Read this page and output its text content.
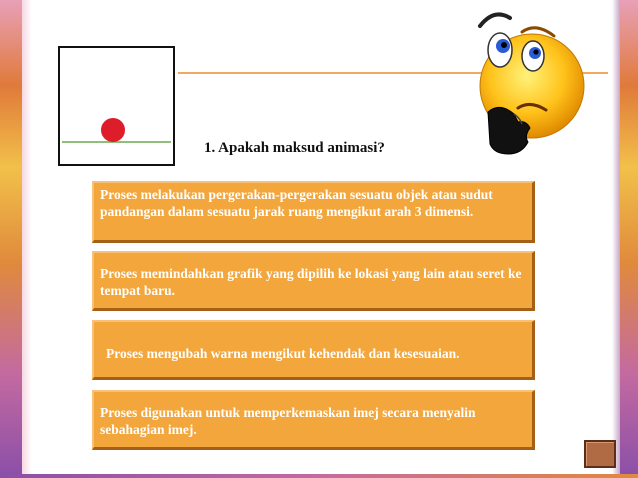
1. Apakah maksud animasi?
Proses melakukan pergerakan-pergerakan sesuatu objek atau sudut pandangan dalam sesuatu jarak ruang mengikut arah 3 dimensi.
Proses memindahkan grafik yang dipilih ke lokasi yang lain atau seret ke tempat baru.
Proses mengubah warna mengikut kehendak dan kesesuaian.
Proses digunakan untuk memperkemaskan imej secara menyalin sebahagian imej.
